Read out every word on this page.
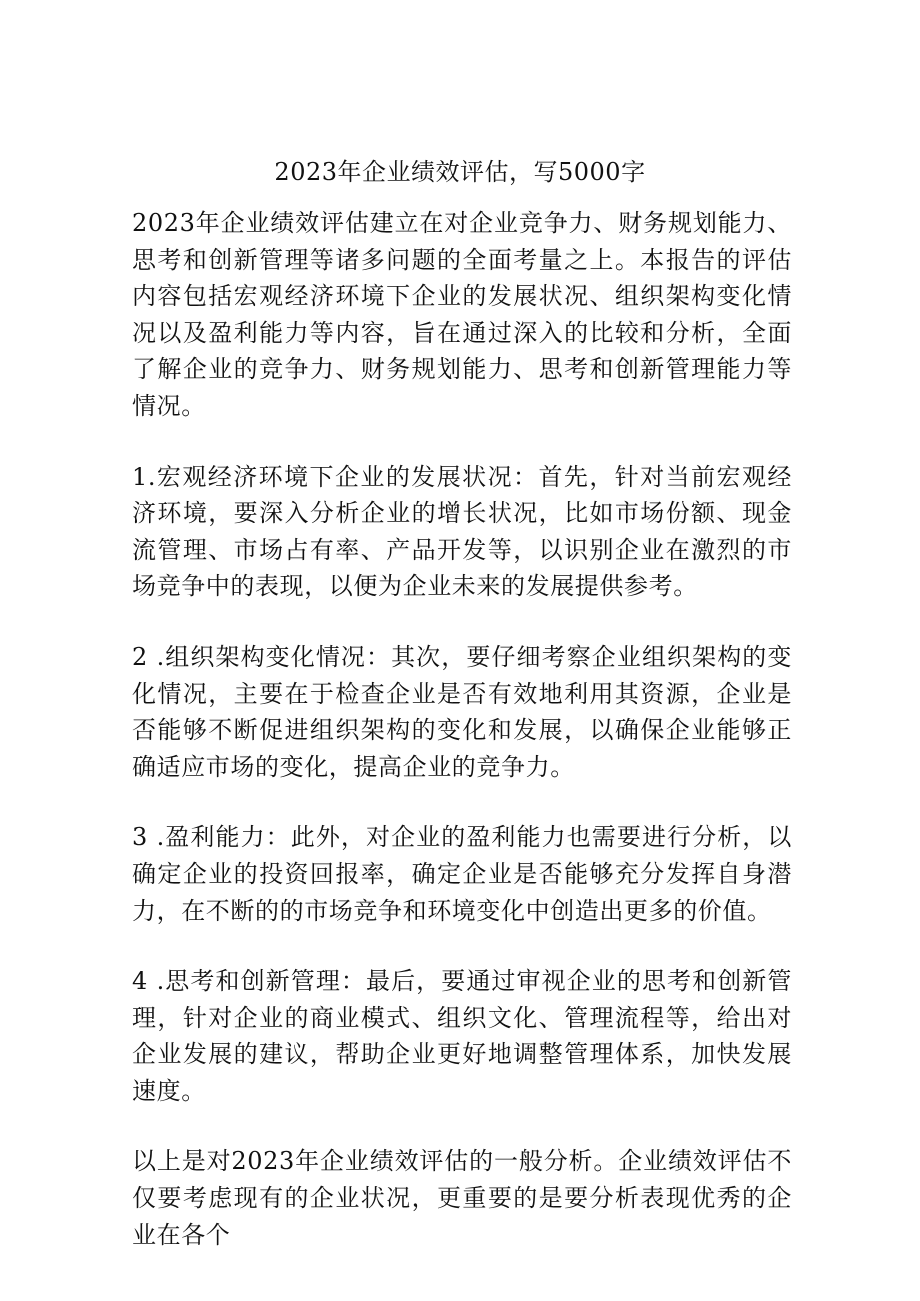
2023年企业绩效评估，写5000字

2023年企业绩效评估建立在对企业竞争力、财务规划能力、思考和创新管理等诸多问题的全面考量之上。本报告的评估内容包括宏观经济环境下企业的发展状况、组织架构变化情况以及盈利能力等内容，旨在通过深入的比较和分析，全面了解企业的竞争力、财务规划能力、思考和创新管理能力等情况。

1.宏观经济环境下企业的发展状况：首先，针对当前宏观经济环境，要深入分析企业的增长状况，比如市场份额、现金流管理、市场占有率、产品开发等，以识别企业在激烈的市场竞争中的表现，以便为企业未来的发展提供参考。

2 .组织架构变化情况：其次，要仔细考察企业组织架构的变化情况，主要在于检查企业是否有效地利用其资源，企业是否能够不断促进组织架构的变化和发展，以确保企业能够正确适应市场的变化，提高企业的竞争力。

3 .盈利能力：此外，对企业的盈利能力也需要进行分析，以确定企业的投资回报率，确定企业是否能够充分发挥自身潜力，在不断的的市场竞争和环境变化中创造出更多的价值。

4 .思考和创新管理：最后，要通过审视企业的思考和创新管理，针对企业的商业模式、组织文化、管理流程等，给出对企业发展的建议，帮助企业更好地调整管理体系，加快发展速度。

以上是对2023年企业绩效评估的一般分析。企业绩效评估不仅要考虑现有的企业状况，更重要的是要分析表现优秀的企业在各个
